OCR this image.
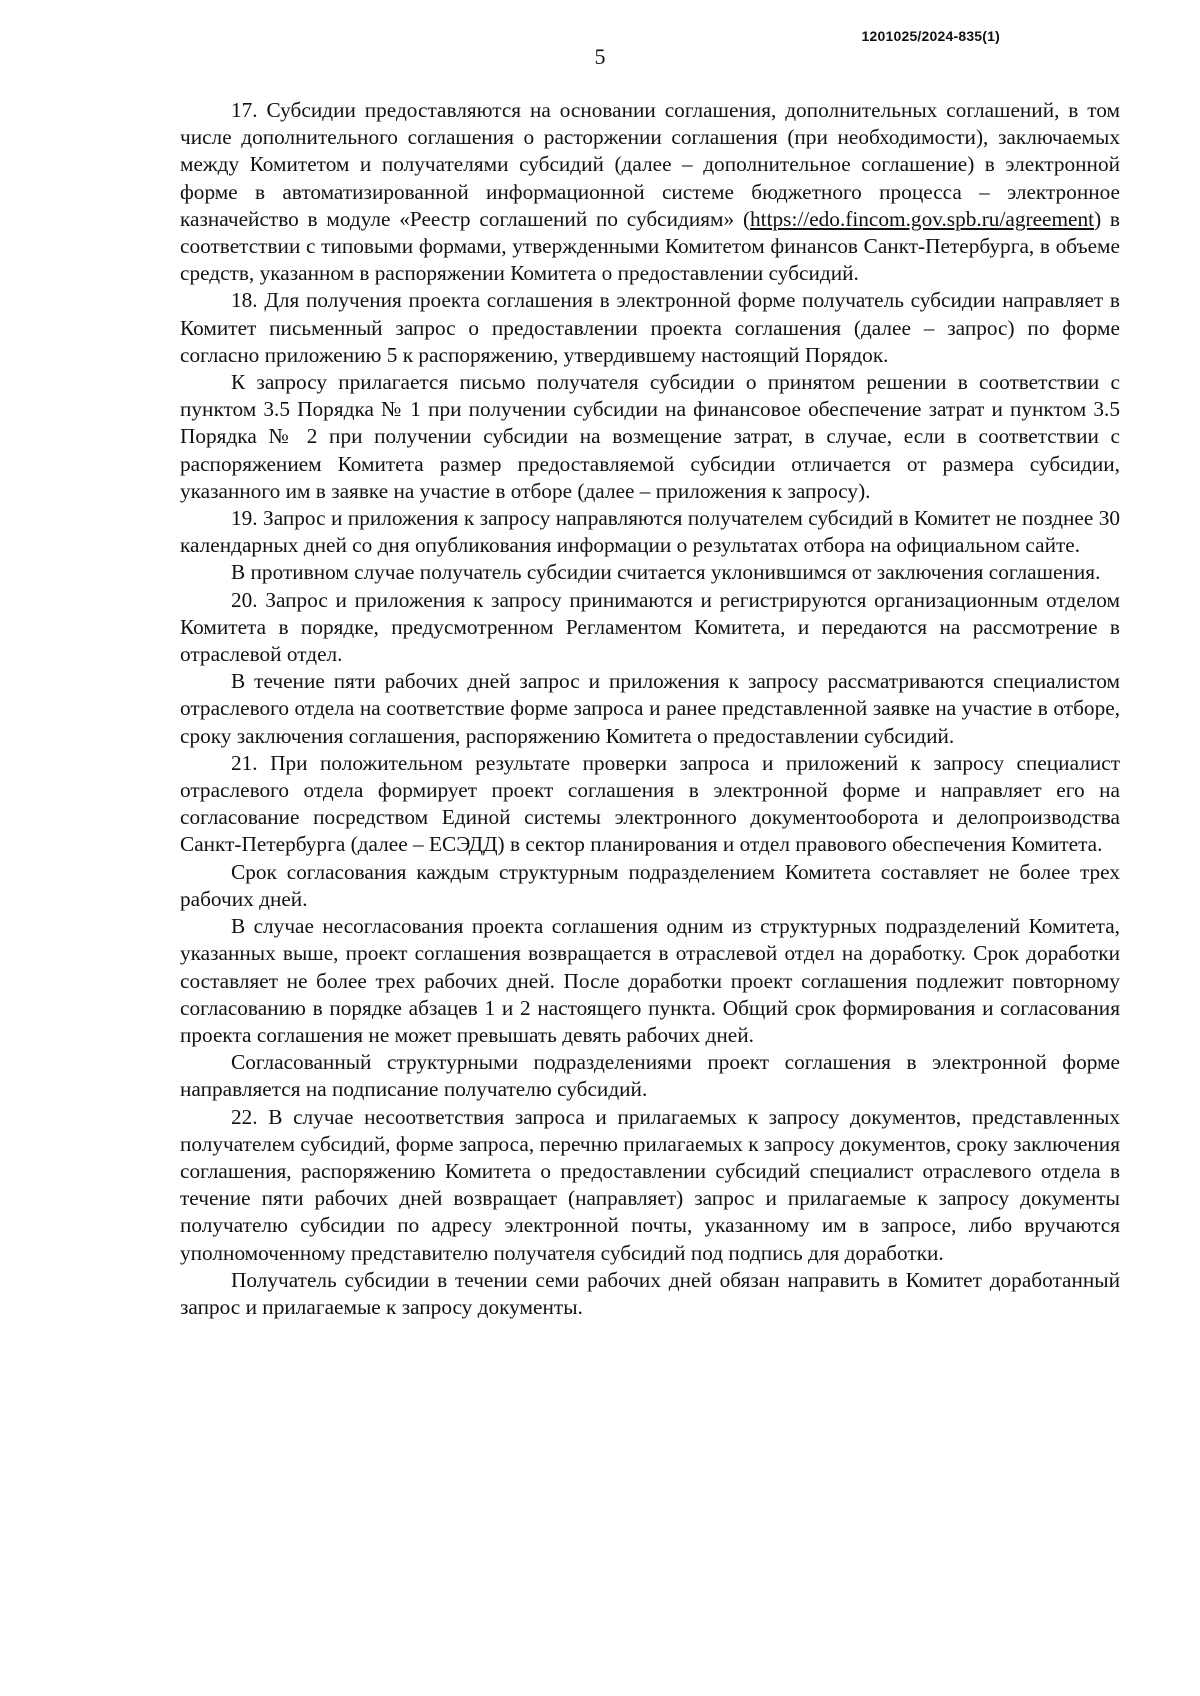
1201025/2024-835(1)
5

17. Субсидии предоставляются на основании соглашения, дополнительных соглашений, в том числе дополнительного соглашения о расторжении соглашения (при необходимости), заключаемых между Комитетом и получателями субсидий (далее – дополнительное соглашение) в электронной форме в автоматизированной информационной системе бюджетного процесса – электронное казначейство в модуле «Реестр соглашений по субсидиям» (https://edo.fincom.gov.spb.ru/agreement) в соответствии с типовыми формами, утвержденными Комитетом финансов Санкт-Петербурга, в объеме средств, указанном в распоряжении Комитета о предоставлении субсидий.

18. Для получения проекта соглашения в электронной форме получатель субсидии направляет в Комитет письменный запрос о предоставлении проекта соглашения (далее – запрос) по форме согласно приложению 5 к распоряжению, утвердившему настоящий Порядок.

К запросу прилагается письмо получателя субсидии о принятом решении в соответствии с пунктом 3.5 Порядка № 1 при получении субсидии на финансовое обеспечение затрат и пунктом 3.5 Порядка № 2 при получении субсидии на возмещение затрат, в случае, если в соответствии с распоряжением Комитета размер предоставляемой субсидии отличается от размера субсидии, указанного им в заявке на участие в отборе (далее – приложения к запросу).

19. Запрос и приложения к запросу направляются получателем субсидий в Комитет не позднее 30 календарных дней со дня опубликования информации о результатах отбора на официальном сайте.

В противном случае получатель субсидии считается уклонившимся от заключения соглашения.

20. Запрос и приложения к запросу принимаются и регистрируются организационным отделом Комитета в порядке, предусмотренном Регламентом Комитета, и передаются на рассмотрение в отраслевой отдел.

В течение пяти рабочих дней запрос и приложения к запросу рассматриваются специалистом отраслевого отдела на соответствие форме запроса и ранее представленной заявке на участие в отборе, сроку заключения соглашения, распоряжению Комитета о предоставлении субсидий.

21. При положительном результате проверки запроса и приложений к запросу специалист отраслевого отдела формирует проект соглашения в электронной форме и направляет его на согласование посредством Единой системы электронного документооборота и делопроизводства Санкт-Петербурга (далее – ЕСЭДД) в сектор планирования и отдел правового обеспечения Комитета.

Срок согласования каждым структурным подразделением Комитета составляет не более трех рабочих дней.

В случае несогласования проекта соглашения одним из структурных подразделений Комитета, указанных выше, проект соглашения возвращается в отраслевой отдел на доработку. Срок доработки составляет не более трех рабочих дней. После доработки проект соглашения подлежит повторному согласованию в порядке абзацев 1 и 2 настоящего пункта. Общий срок формирования и согласования проекта соглашения не может превышать девять рабочих дней.

Согласованный структурными подразделениями проект соглашения в электронной форме направляется на подписание получателю субсидий.

22. В случае несоответствия запроса и прилагаемых к запросу документов, представленных получателем субсидий, форме запроса, перечню прилагаемых к запросу документов, сроку заключения соглашения, распоряжению Комитета о предоставлении субсидий специалист отраслевого отдела в течение пяти рабочих дней возвращает (направляет) запрос и прилагаемые к запросу документы получателю субсидии по адресу электронной почты, указанному им в запросе, либо вручаются уполномоченному представителю получателя субсидий под подпись для доработки.

Получатель субсидии в течении семи рабочих дней обязан направить в Комитет доработанный запрос и прилагаемые к запросу документы.
